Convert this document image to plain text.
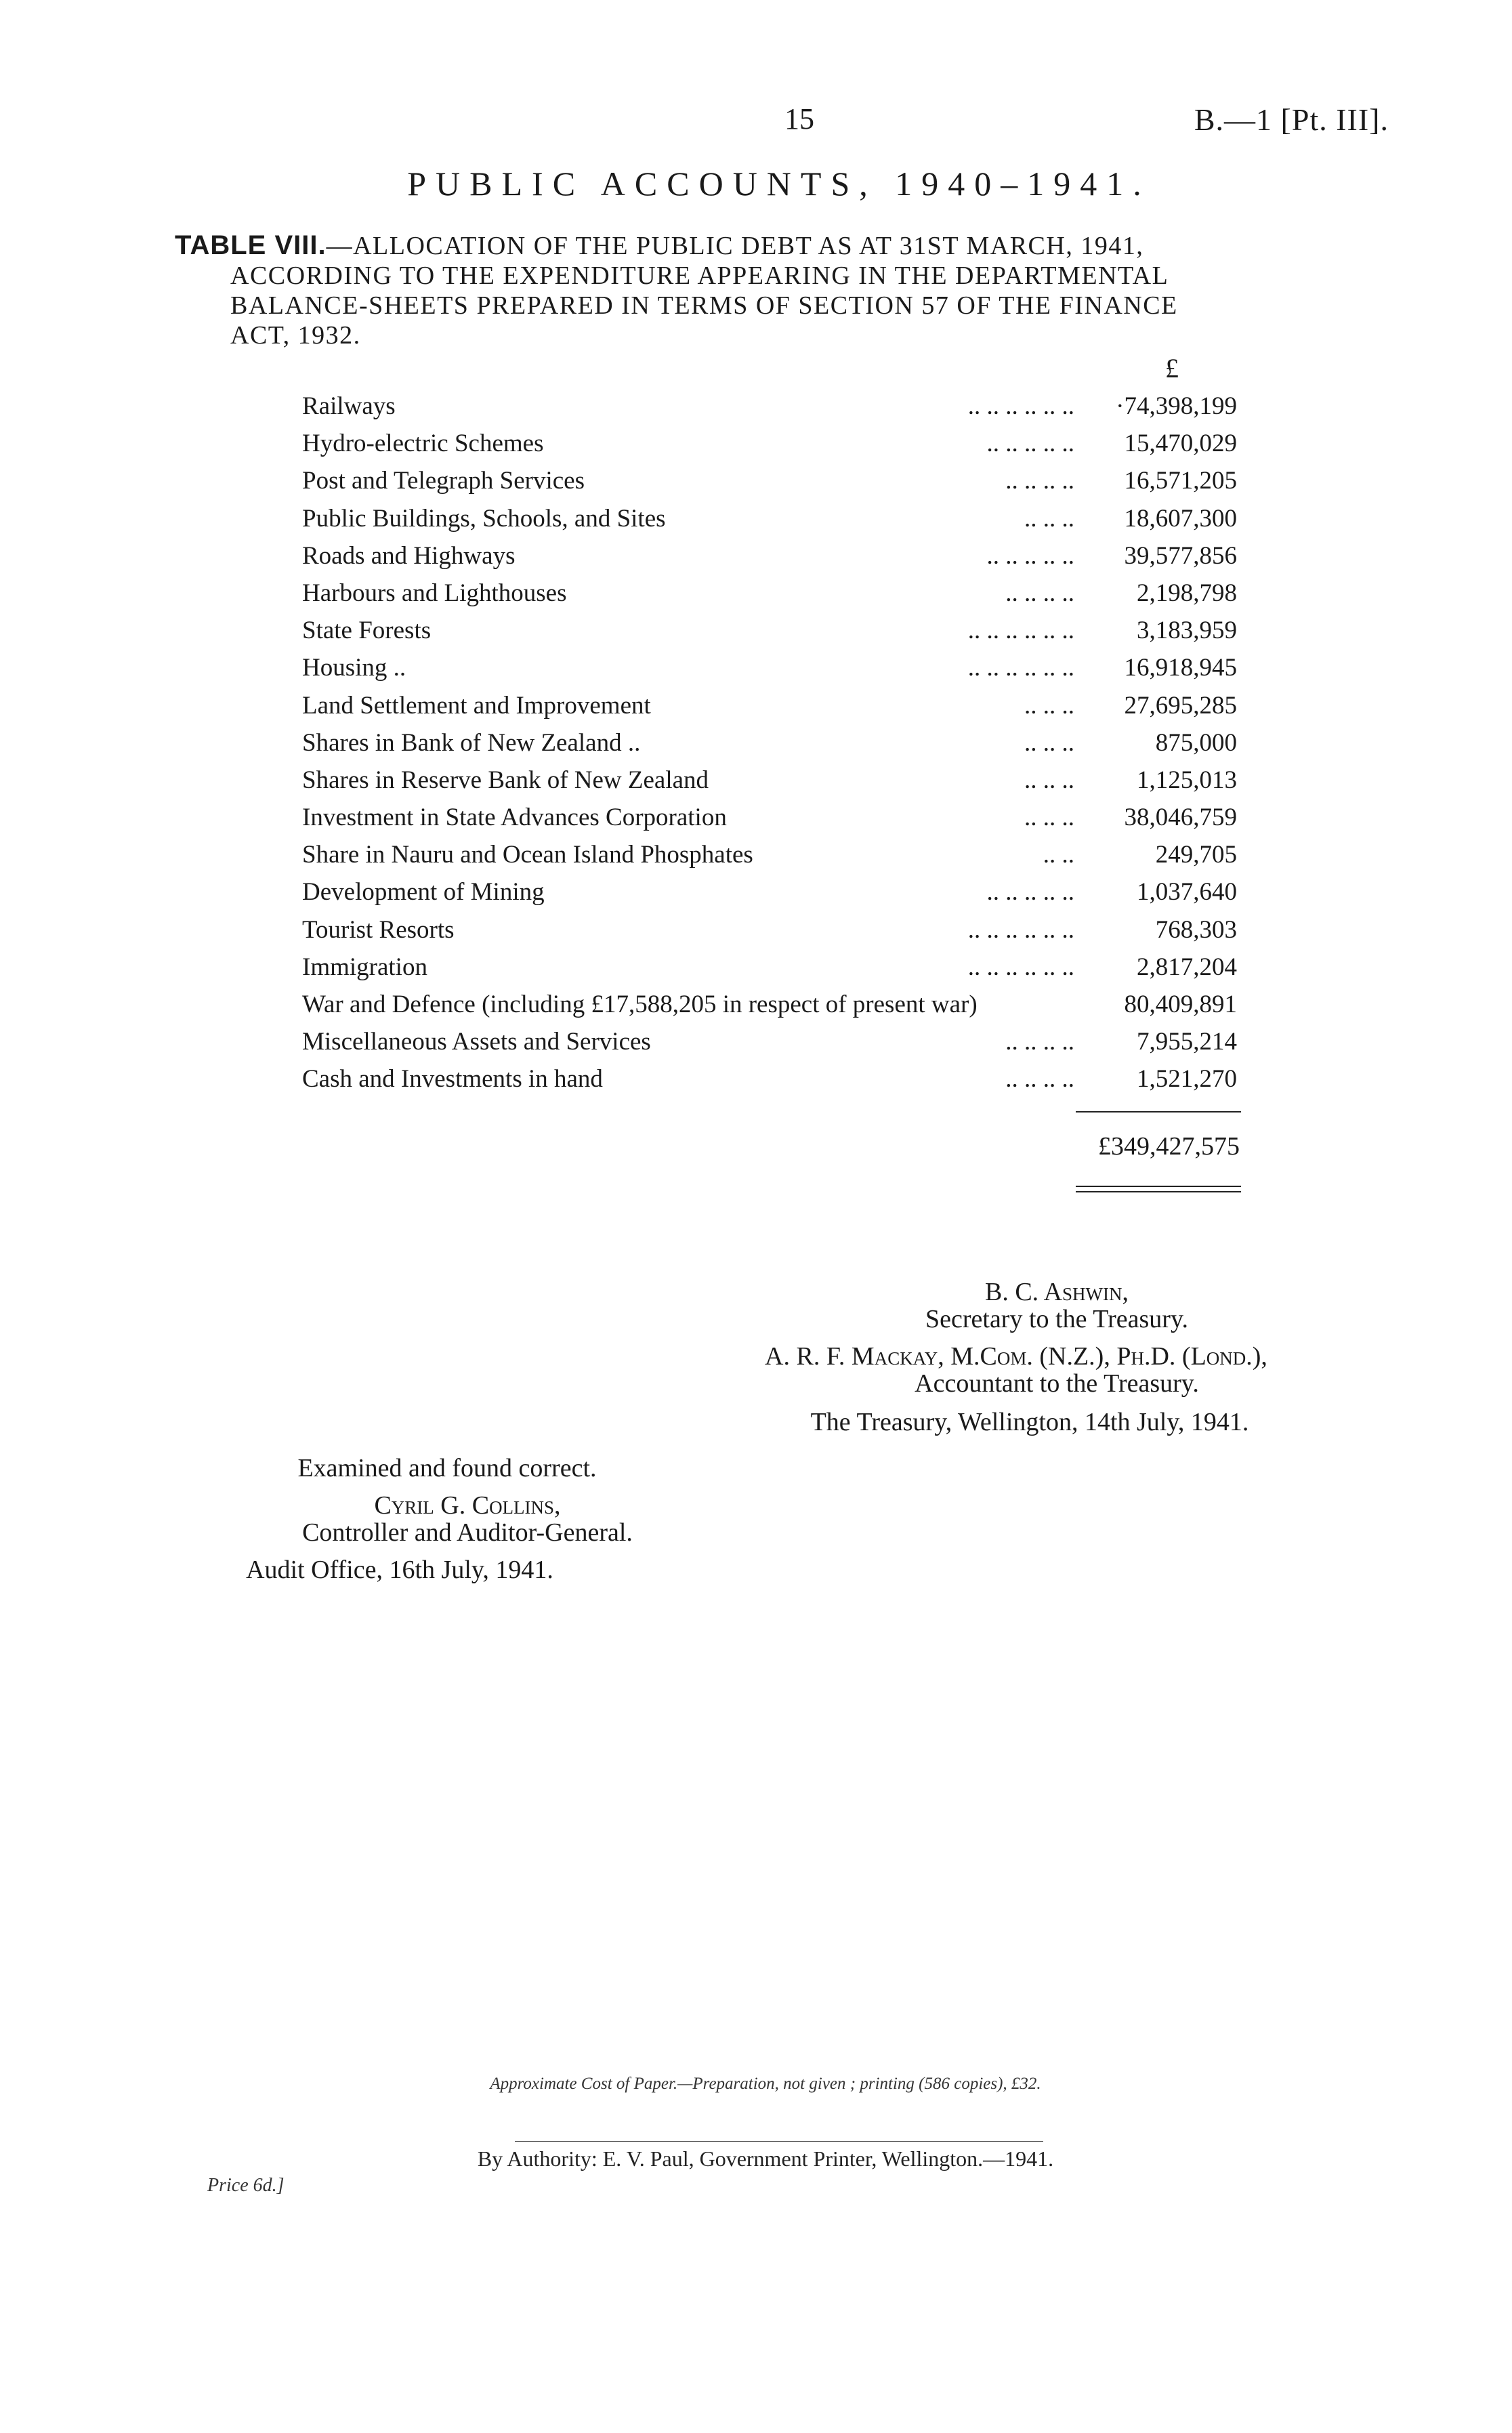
15	B.—1 [Pt. III].
PUBLIC ACCOUNTS, 1940–1941.
TABLE VIII.—ALLOCATION OF THE PUBLIC DEBT AS AT 31ST MARCH, 1941,
ACCORDING TO THE EXPENDITURE APPEARING IN THE DEPARTMENTAL
BALANCE-SHEETS PREPARED IN TERMS OF SECTION 57 OF THE FINANCE
ACT, 1932.
£
Railways	.. .. .. .. .. ..	·74,398,199
Hydro-electric Schemes	.. .. .. .. ..	15,470,029
Post and Telegraph Services	.. .. .. ..	16,571,205
Public Buildings, Schools, and Sites	.. .. ..	18,607,300
Roads and Highways	.. .. .. .. ..	39,577,856
Harbours and Lighthouses	.. .. .. ..	2,198,798
State Forests	.. .. .. .. .. ..	3,183,959
Housing ..	.. .. .. .. .. ..	16,918,945
Land Settlement and Improvement	.. .. ..	27,695,285
Shares in Bank of New Zealand ..	.. .. ..	875,000
Shares in Reserve Bank of New Zealand	.. .. ..	1,125,013
Investment in State Advances Corporation	.. .. ..	38,046,759
Share in Nauru and Ocean Island Phosphates	.. ..	249,705
Development of Mining	.. .. .. .. ..	1,037,640
Tourist Resorts	.. .. .. .. .. ..	768,303
Immigration	.. .. .. .. .. ..	2,817,204
War and Defence (including £17,588,205 in respect of present war)	80,409,891
Miscellaneous Assets and Services	.. .. .. ..	7,955,214
Cash and Investments in hand	.. .. .. ..	1,521,270
£349,427,575
B. C. Ashwin,
Secretary to the Treasury.
A. R. F. Mackay, M.Com. (N.Z.), Ph.D. (Lond.),
Accountant to the Treasury.
The Treasury, Wellington, 14th July, 1941.
Examined and found correct.
Cyril G. Collins,
Controller and Auditor-General.
Audit Office, 16th July, 1941.
Approximate Cost of Paper.—Preparation, not given ; printing (586 copies), £32.
By Authority: E. V. Paul, Government Printer, Wellington.—1941.
Price 6d.]
